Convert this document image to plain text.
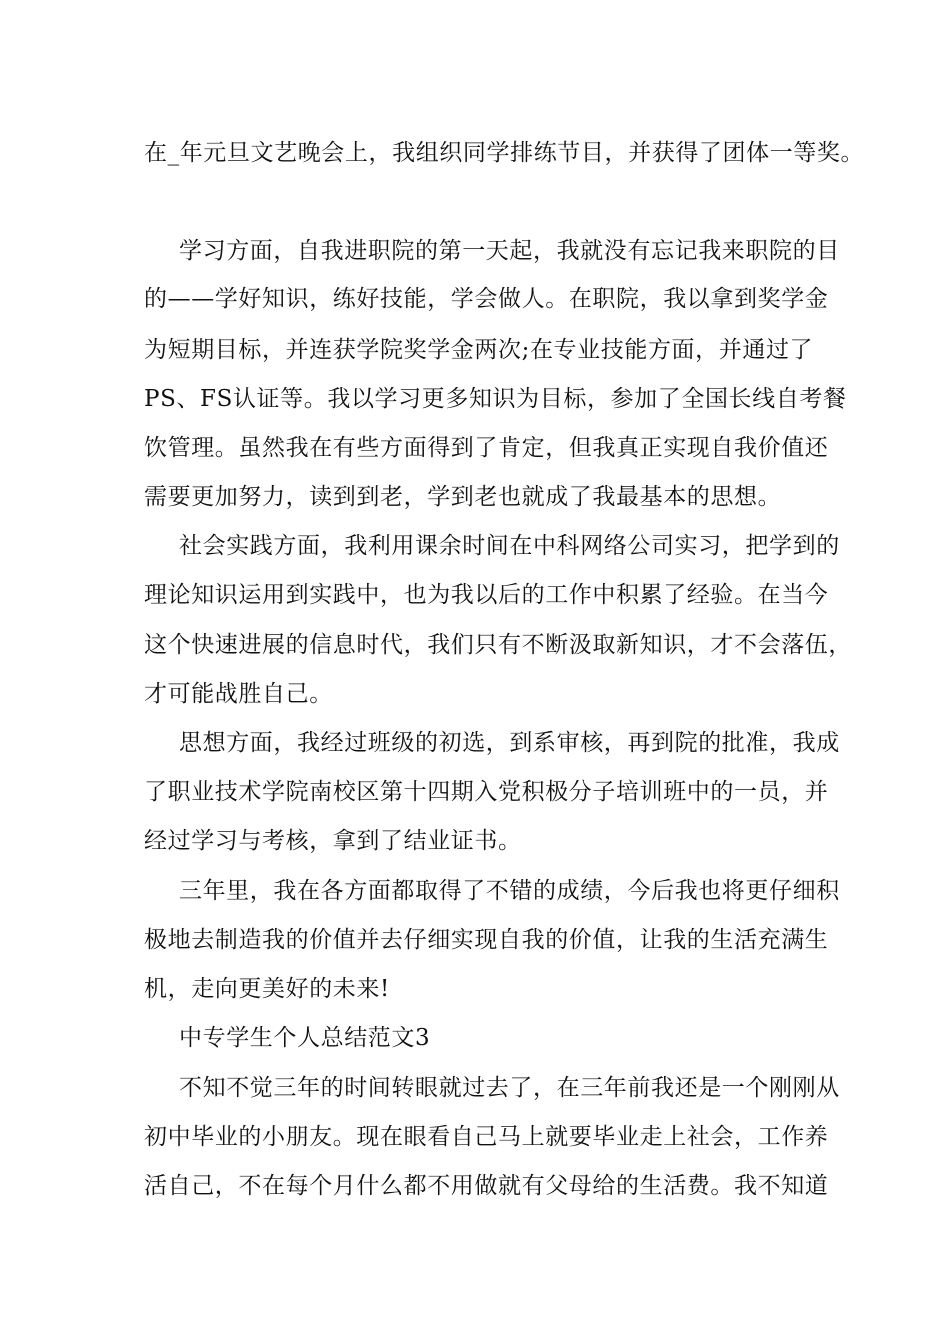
在_年元旦文艺晚会上，我组织同学排练节目，并获得了团体一等奖。
学习方面，自我进职院的第一天起，我就没有忘记我来职院的目
的——学好知识，练好技能，学会做人。在职院，我以拿到奖学金
为短期目标，并连获学院奖学金两次;在专业技能方面，并通过了
PS、FS认证等。我以学习更多知识为目标，参加了全国长线自考餐
饮管理。虽然我在有些方面得到了肯定，但我真正实现自我价值还
需要更加努力，读到到老，学到老也就成了我最基本的思想。
社会实践方面，我利用课余时间在中科网络公司实习，把学到的
理论知识运用到实践中，也为我以后的工作中积累了经验。在当今
这个快速进展的信息时代，我们只有不断汲取新知识，才不会落伍，
才可能战胜自己。
思想方面，我经过班级的初选，到系审核，再到院的批准，我成
了职业技术学院南校区第十四期入党积极分子培训班中的一员，并
经过学习与考核，拿到了结业证书。
三年里，我在各方面都取得了不错的成绩，今后我也将更仔细积
极地去制造我的价值并去仔细实现自我的价值，让我的生活充满生
机，走向更美好的未来!
中专学生个人总结范文3
不知不觉三年的时间转眼就过去了，在三年前我还是一个刚刚从
初中毕业的小朋友。现在眼看自己马上就要毕业走上社会，工作养
活自己，不在每个月什么都不用做就有父母给的生活费。我不知道
